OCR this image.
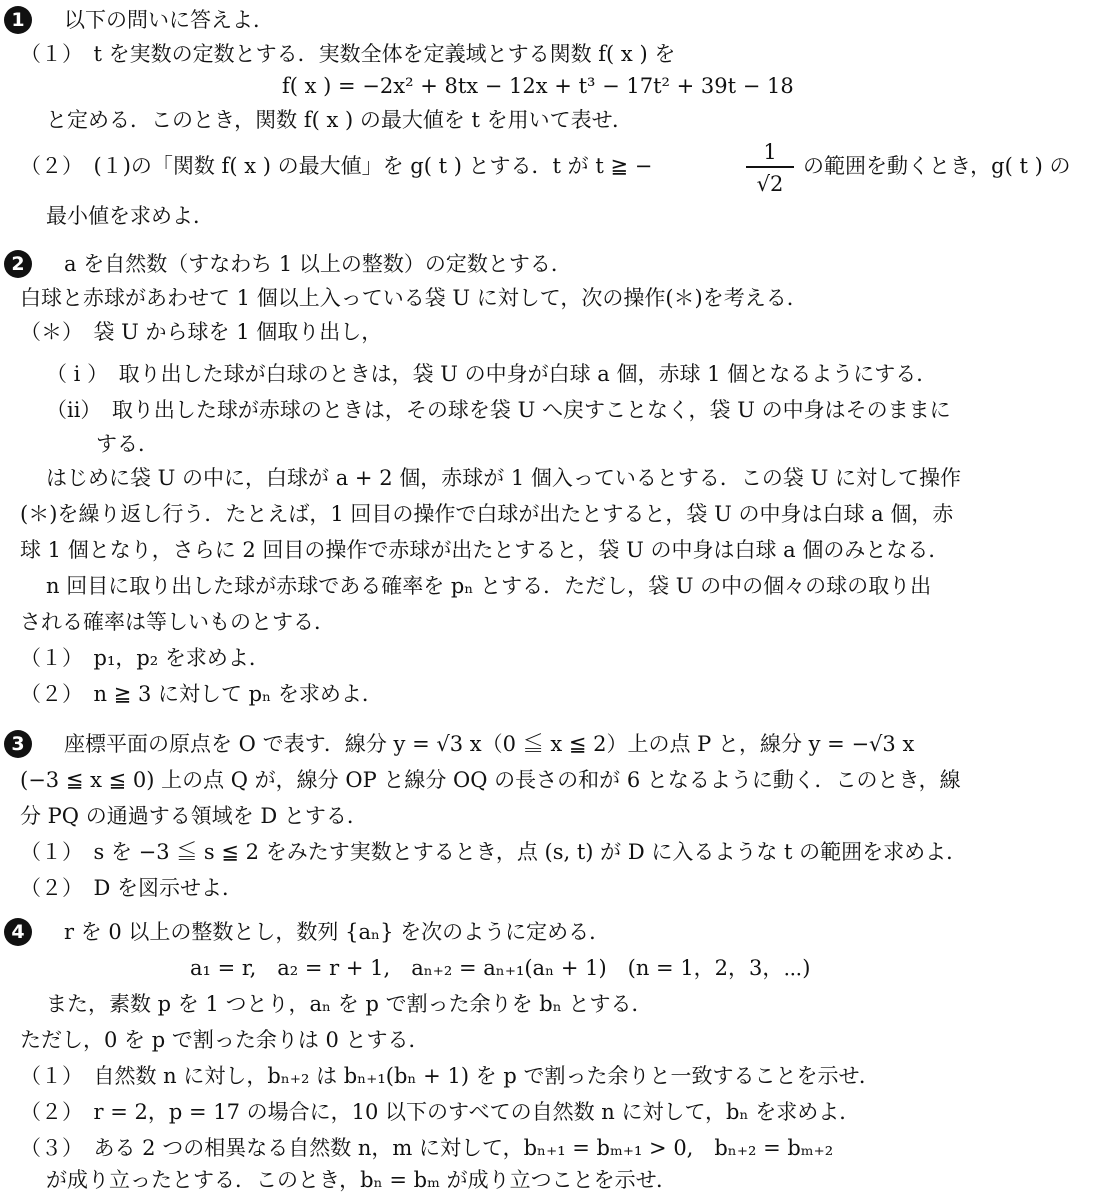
1	以下の問いに答えよ．
（１）　t を実数の定数とする．実数全体を定義域とする関数 f( x ) を
f( x ) = −2x² + 8tx − 12x + t³ − 17t² + 39t − 18
と定める．このとき，関数 f( x ) の最大値を t を用いて表せ．
（２）　(１)の「関数 f( x ) の最大値」を g( t ) とする．t が t ≧ −
1
√2
の範囲を動くとき，g( t ) の
最小値を求めよ．
2	a を自然数（すなわち 1 以上の整数）の定数とする．
白球と赤球があわせて 1 個以上入っている袋 U に対して，次の操作(＊)を考える．
（＊）　袋 U から球を 1 個取り出し，
（ i ）　取り出した球が白球のときは，袋 U の中身が白球 a 個，赤球 1 個となるようにする．
（ii）　取り出した球が赤球のときは，その球を袋 U へ戻すことなく，袋 U の中身はそのままに
する．
はじめに袋 U の中に，白球が a + 2 個，赤球が 1 個入っているとする．この袋 U に対して操作
(＊)を繰り返し行う．たとえば，1 回目の操作で白球が出たとすると，袋 U の中身は白球 a 個，赤
球 1 個となり，さらに 2 回目の操作で赤球が出たとすると，袋 U の中身は白球 a 個のみとなる．
n 回目に取り出した球が赤球である確率を pₙ とする．ただし，袋 U の中の個々の球の取り出
される確率は等しいものとする．
（１）　p₁，p₂ を求めよ．
（２）　n ≧ 3 に対して pₙ を求めよ．
3	座標平面の原点を O で表す．線分 y = √3 x（0 ≦ x ≦ 2）上の点 P と，線分 y = −√3 x
(−3 ≦ x ≦ 0) 上の点 Q が，線分 OP と線分 OQ の長さの和が 6 となるように動く．このとき，線
分 PQ の通過する領域を D とする．
（１）　s を −3 ≦ s ≦ 2 をみたす実数とするとき，点 (s, t) が D に入るような t の範囲を求めよ．
（２）　D を図示せよ．
4	r を 0 以上の整数とし，数列 {aₙ} を次のように定める．
a₁ = r,　a₂ = r + 1,　aₙ₊₂ = aₙ₊₁(aₙ + 1)　(n = 1，2，3，⋯)
また，素数 p を 1 つとり，aₙ を p で割った余りを bₙ とする．
ただし，0 を p で割った余りは 0 とする．
（１）　自然数 n に対し，bₙ₊₂ は bₙ₊₁(bₙ + 1) を p で割った余りと一致することを示せ．
（２）　r = 2，p = 17 の場合に，10 以下のすべての自然数 n に対して，bₙ を求めよ．
（３）　ある 2 つの相異なる自然数 n，m に対して，bₙ₊₁ = bₘ₊₁ > 0,　bₙ₊₂ = bₘ₊₂
が成り立ったとする．このとき，bₙ = bₘ が成り立つことを示せ．
